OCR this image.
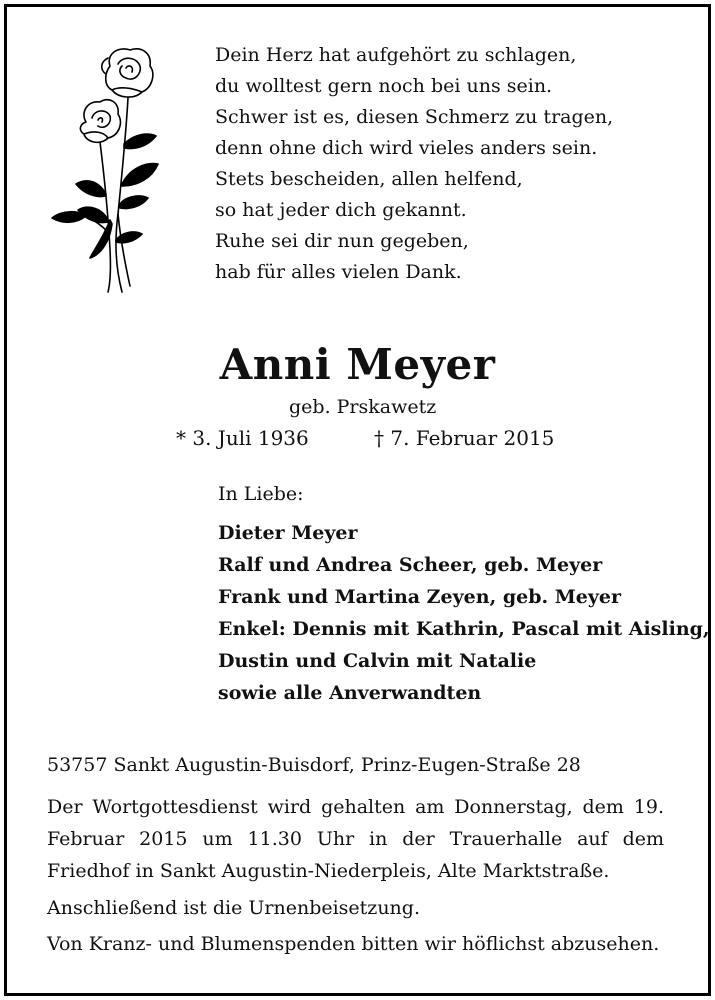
Dein Herz hat aufgehört zu schlagen,
du wolltest gern noch bei uns sein.
Schwer ist es, diesen Schmerz zu tragen,
denn ohne dich wird vieles anders sein.
Stets bescheiden, allen helfend,
so hat jeder dich gekannt.
Ruhe sei dir nun gegeben,
hab für alles vielen Dank.
Anni Meyer
geb. Prskawetz
* 3. Juli 1936	† 7. Februar 2015
In Liebe:
Dieter Meyer
Ralf und Andrea Scheer, geb. Meyer
Frank und Martina Zeyen, geb. Meyer
Enkel: Dennis mit Kathrin, Pascal mit Aisling,
Dustin und Calvin mit Natalie
sowie alle Anverwandten
53757 Sankt Augustin-Buisdorf, Prinz-Eugen-Straße 28
Der Wortgottesdienst wird gehalten am Donnerstag, dem 19. Februar 2015 um 11.30 Uhr in der Trauerhalle auf dem Friedhof in Sankt Augustin-Niederpleis, Alte Marktstraße.
Anschließend ist die Urnenbeisetzung.
Von Kranz- und Blumenspenden bitten wir höflichst abzusehen.
